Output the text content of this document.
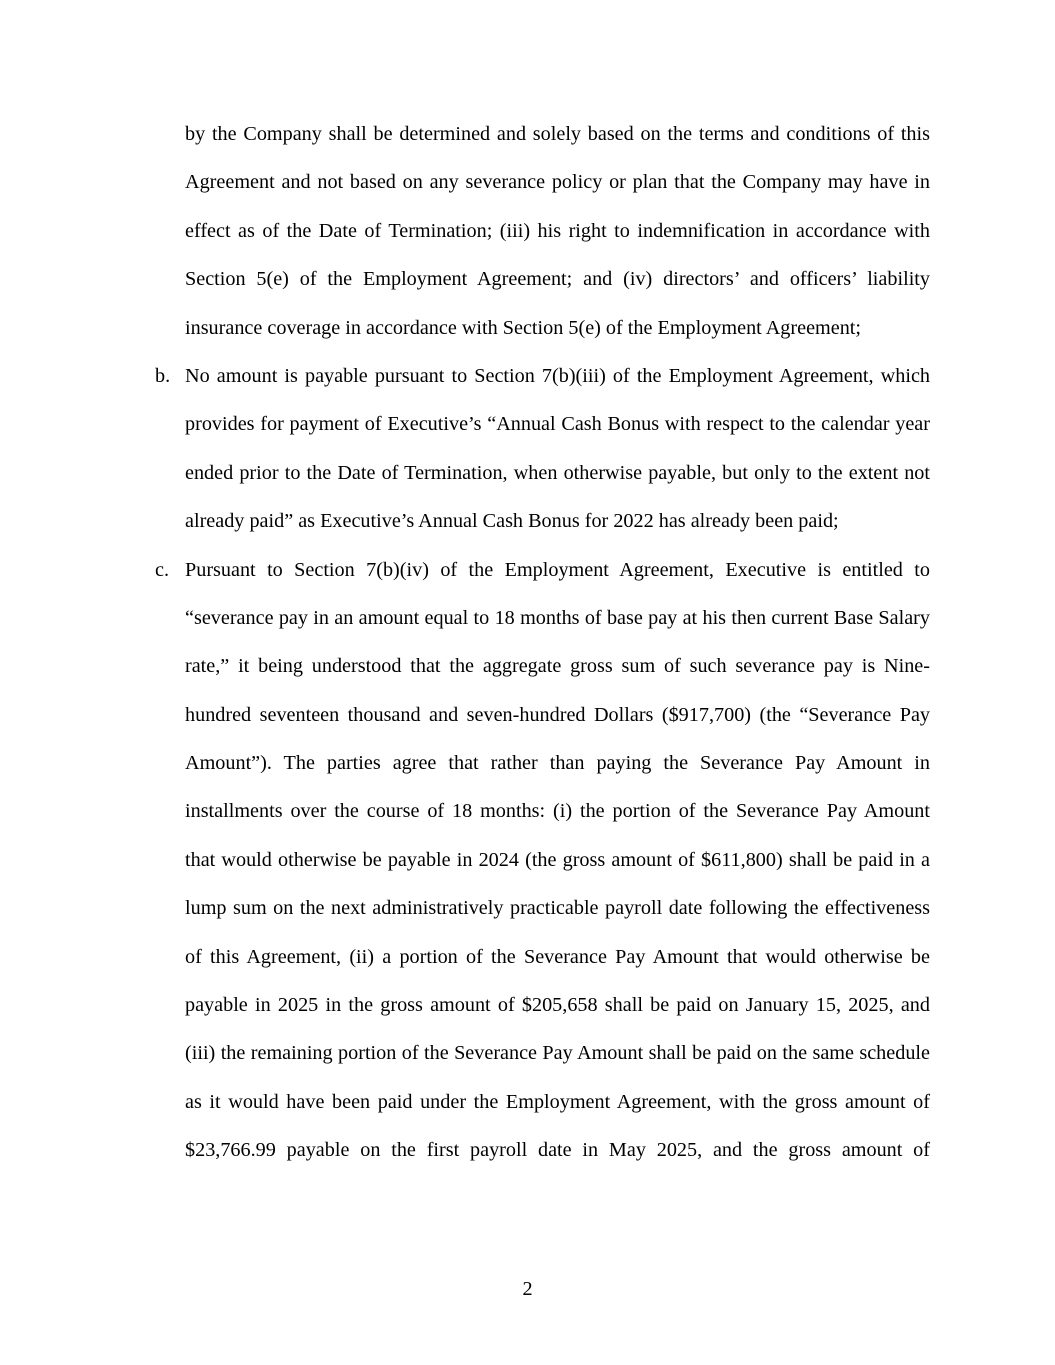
by the Company shall be determined and solely based on the terms and conditions of this
Agreement and not based on any severance policy or plan that the Company may have in
effect as of the Date of Termination; (iii) his right to indemnification in accordance with
Section 5(e) of the Employment Agreement; and (iv) directors’ and officers’ liability
insurance coverage in accordance with Section 5(e) of the Employment Agreement;
b. No amount is payable pursuant to Section 7(b)(iii) of the Employment Agreement, which
provides for payment of Executive’s “Annual Cash Bonus with respect to the calendar year
ended prior to the Date of Termination, when otherwise payable, but only to the extent not
already paid” as Executive’s Annual Cash Bonus for 2022 has already been paid;
c. Pursuant to Section 7(b)(iv) of the Employment Agreement, Executive is entitled to
“severance pay in an amount equal to 18 months of base pay at his then current Base Salary
rate,” it being understood that the aggregate gross sum of such severance pay is Nine-
hundred seventeen thousand and seven-hundred Dollars ($917,700) (the “Severance Pay
Amount”). The parties agree that rather than paying the Severance Pay Amount in
installments over the course of 18 months: (i) the portion of the Severance Pay Amount
that would otherwise be payable in 2024 (the gross amount of $611,800) shall be paid in a
lump sum on the next administratively practicable payroll date following the effectiveness
of this Agreement, (ii) a portion of the Severance Pay Amount that would otherwise be
payable in 2025 in the gross amount of $205,658 shall be paid on January 15, 2025, and
(iii) the remaining portion of the Severance Pay Amount shall be paid on the same schedule
as it would have been paid under the Employment Agreement, with the gross amount of
$23,766.99 payable on the first payroll date in May 2025, and the gross amount of
2
